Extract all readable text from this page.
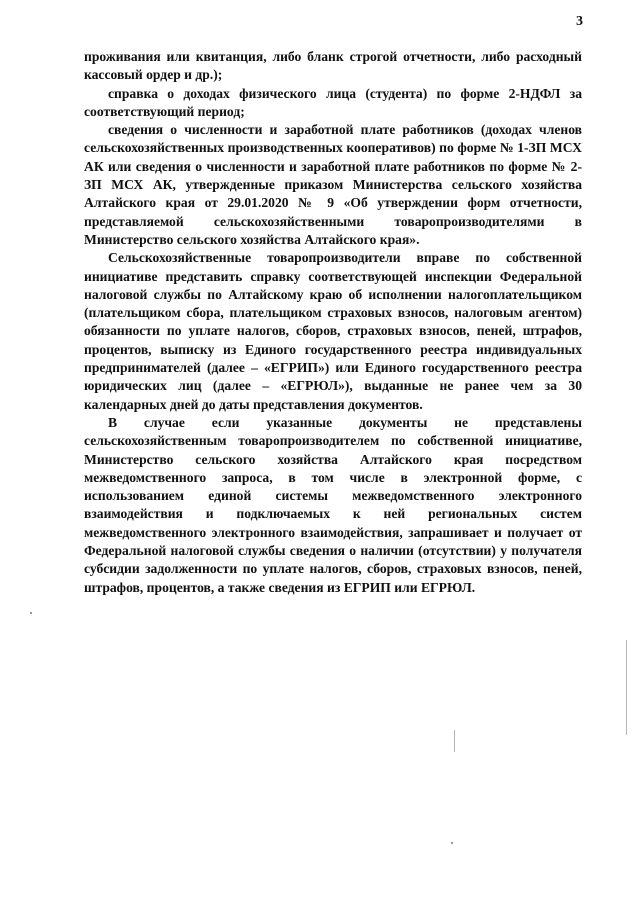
3

проживания или квитанция, либо бланк строгой отчетности, либо расходный кассовый ордер и др.);

справка о доходах физического лица (студента) по форме 2-НДФЛ за соответствующий период;

сведения о численности и заработной плате работников (доходах членов сельскохозяйственных производственных кооперативов) по форме № 1-ЗП МСХ АК или сведения о численности и заработной плате работников по форме № 2-ЗП МСХ АК, утвержденные приказом Министерства сельского хозяйства Алтайского края от 29.01.2020 № 9 «Об утверждении форм отчетности, представляемой сельскохозяйственными товаропроизводителями в Министерство сельского хозяйства Алтайского края».

Сельскохозяйственные товаропроизводители вправе по собственной инициативе представить справку соответствующей инспекции Федеральной налоговой службы по Алтайскому краю об исполнении налогоплательщиком (плательщиком сбора, плательщиком страховых взносов, налоговым агентом) обязанности по уплате налогов, сборов, страховых взносов, пеней, штрафов, процентов, выписку из Единого государственного реестра индивидуальных предпринимателей (далее – «ЕГРИП») или Единого государственного реестра юридических лиц (далее – «ЕГРЮЛ»), выданные не ранее чем за 30 календарных дней до даты представления документов.

В случае если указанные документы не представлены сельскохозяйственным товаропроизводителем по собственной инициативе, Министерство сельского хозяйства Алтайского края посредством межведомственного запроса, в том числе в электронной форме, с использованием единой системы межведомственного электронного взаимодействия и подключаемых к ней региональных систем межведомственного электронного взаимодействия, запрашивает и получает от Федеральной налоговой службы сведения о наличии (отсутствии) у получателя субсидии задолженности по уплате налогов, сборов, страховых взносов, пеней, штрафов, процентов, а также сведения из ЕГРИП или ЕГРЮЛ.
